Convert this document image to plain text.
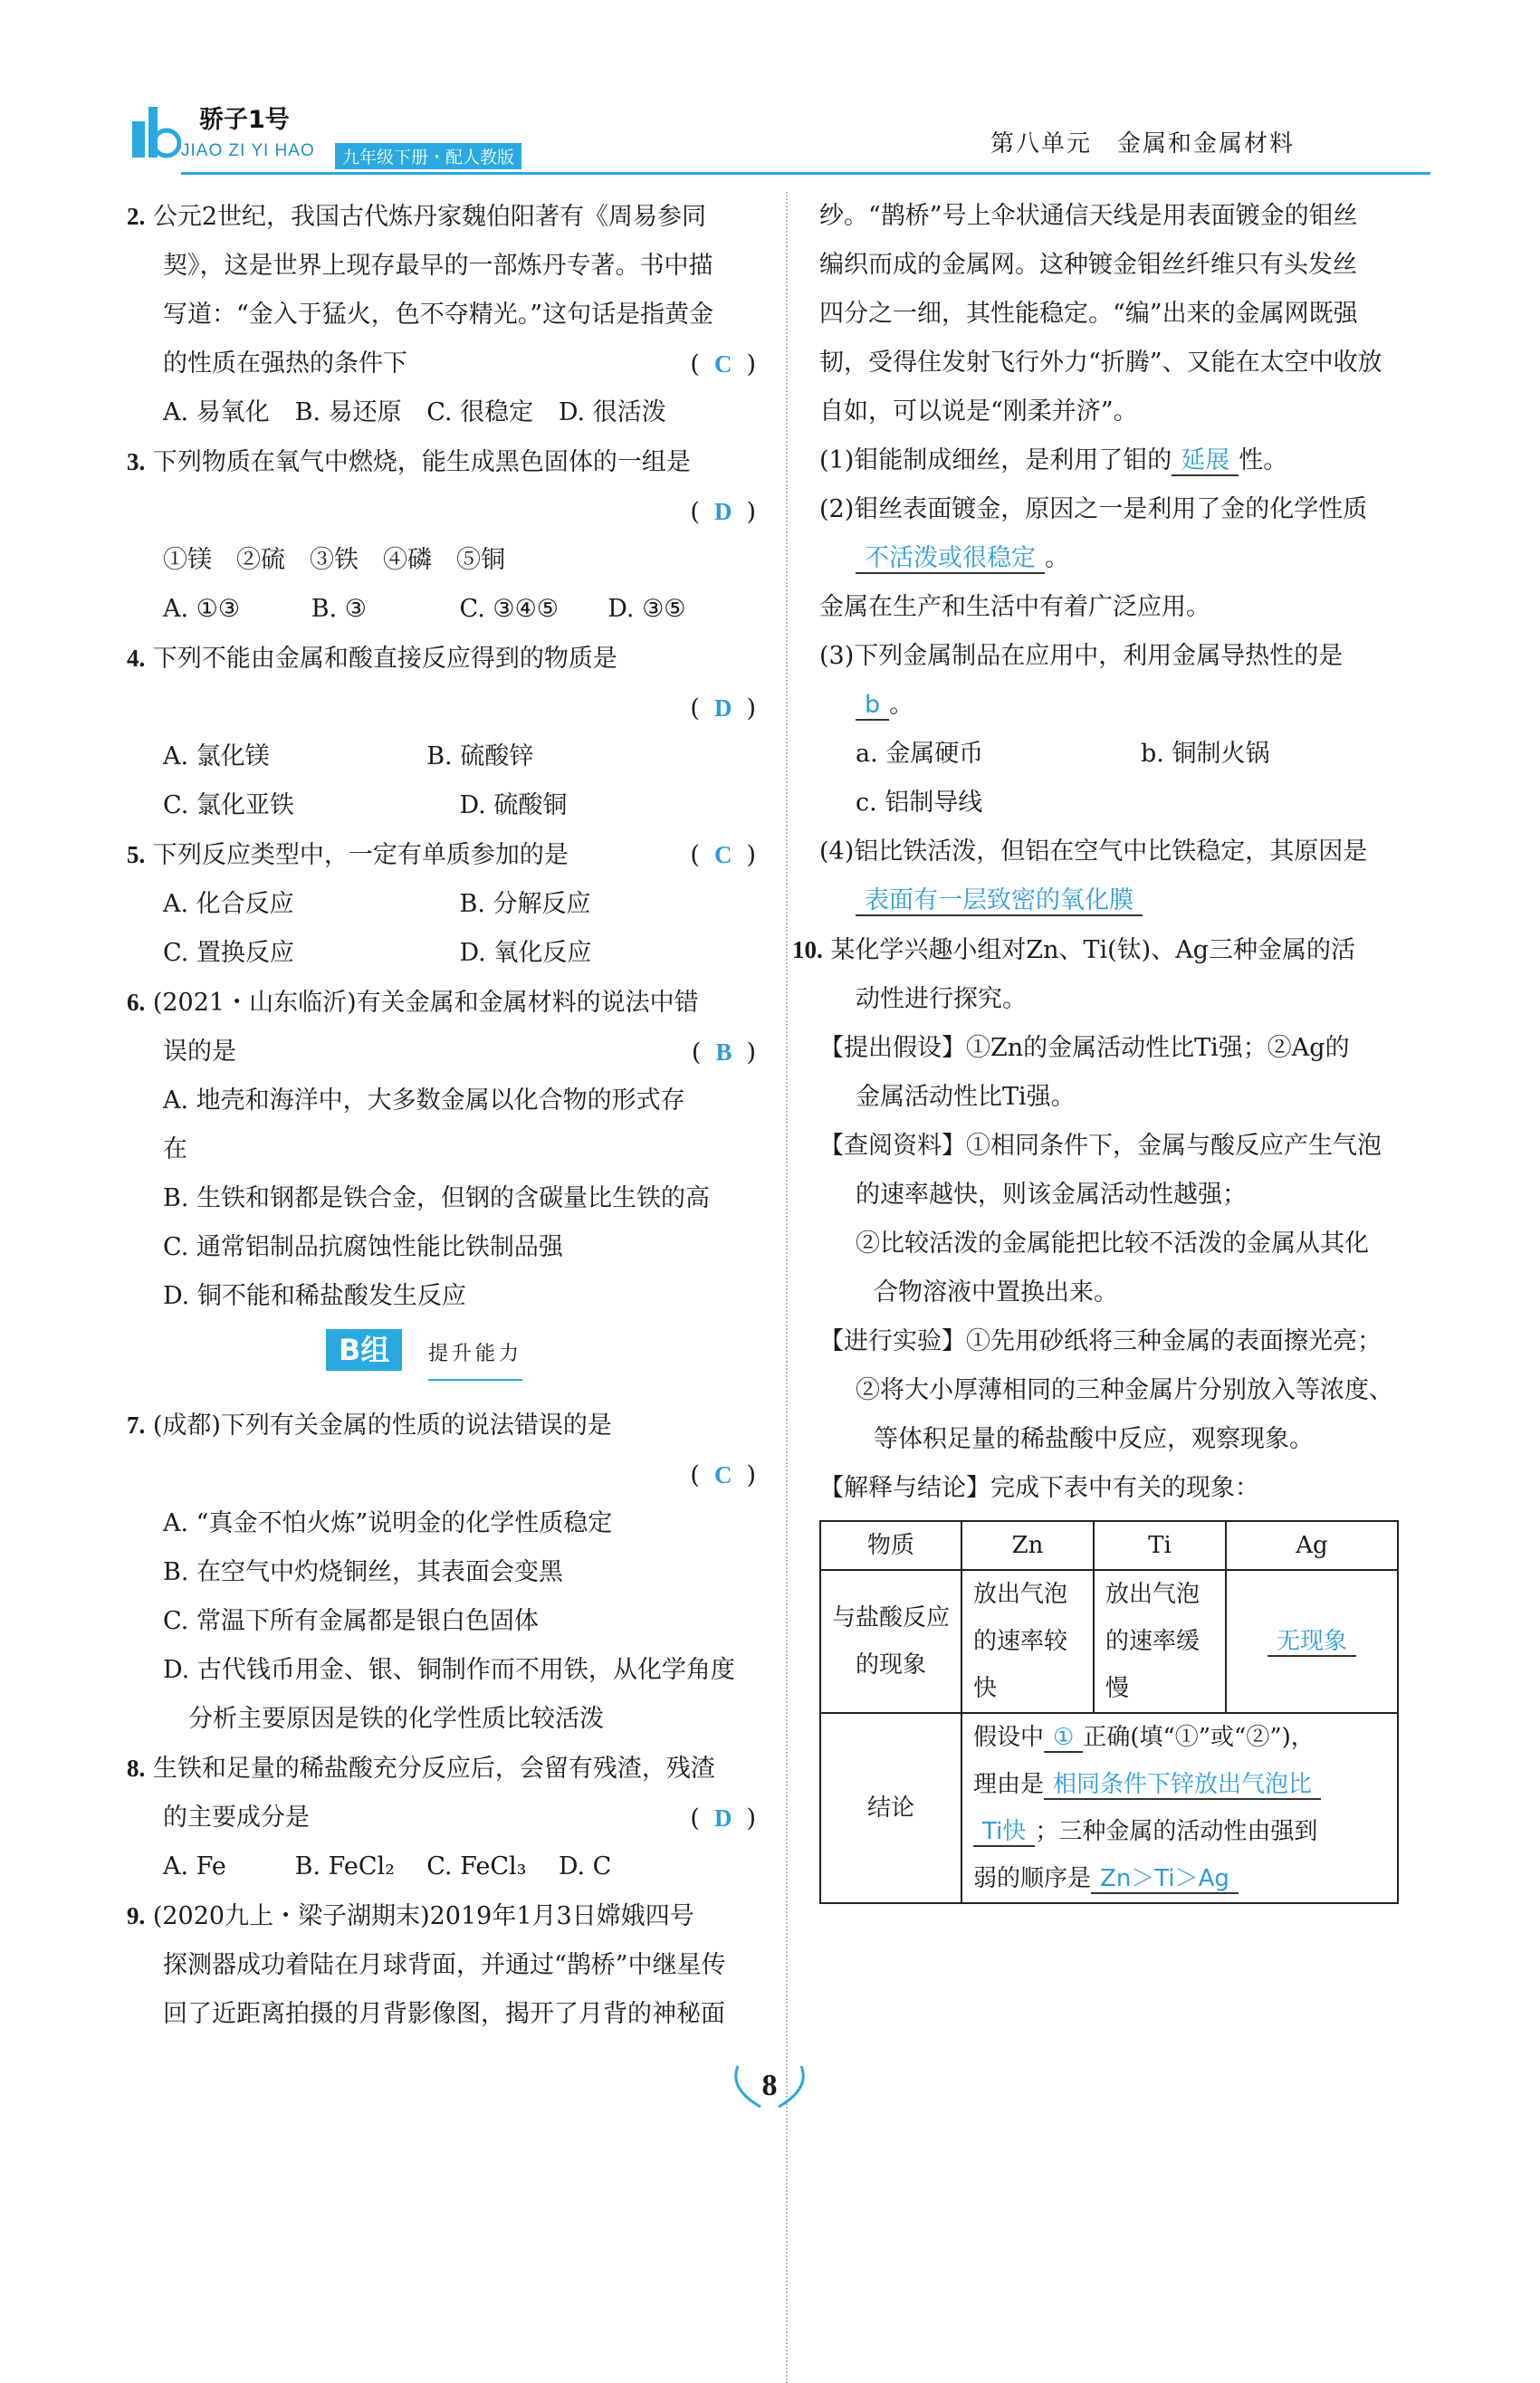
骄子1号
JIAO ZI YI HAO	九年级下册・配人教版	第八单元　金属和金属材料
2. 公元2世纪，我国古代炼丹家魏伯阳著有《周易参同
契》，这是世界上现存最早的一部炼丹专著。书中描
写道：“金入于猛火，色不夺精光。”这句话是指黄金
的性质在强热的条件下	( C )
A. 易氧化	B. 易还原	C. 很稳定	D. 很活泼
3. 下列物质在氧气中燃烧，能生成黑色固体的一组是
( D )

①镁　②硫　③铁　④磷　⑤铜
A. ①③	B. ③	C. ③④⑤	D. ③⑤
4. 下列不能由金属和酸直接反应得到的物质是
( D )

A. 氯化镁	B. 硫酸锌
C. 氯化亚铁	D. 硫酸铜
5. 下列反应类型中，一定有单质参加的是	( C )
A. 化合反应	B. 分解反应
C. 置换反应	D. 氧化反应
6. (2021・山东临沂)有关金属和金属材料的说法中错
误的是	( B )
A. 地壳和海洋中，大多数金属以化合物的形式存在
B. 生铁和钢都是铁合金，但钢的含碳量比生铁的高
C. 通常铝制品抗腐蚀性能比铁制品强
D. 铜不能和稀盐酸发生反应
B组 提升能力
7. (成都)下列有关金属的性质的说法错误的是
( C )

A. “真金不怕火炼”说明金的化学性质稳定
B. 在空气中灼烧铜丝，其表面会变黑
C. 常温下所有金属都是银白色固体
D. 古代钱币用金、银、铜制作而不用铁，从化学角度
分析主要原因是铁的化学性质比较活泼
8. 生铁和足量的稀盐酸充分反应后，会留有残渣，残渣
的主要成分是	( D )
A. Fe	B. FeCl₂	C. FeCl₃	D. C
9. (2020九上・梁子湖期末)2019年1月3日嫦娥四号
探测器成功着陆在月球背面，并通过“鹊桥”中继星传
回了近距离拍摄的月背影像图，揭开了月背的神秘面
纱。“鹊桥”号上伞状通信天线是用表面镀金的钼丝
编织而成的金属网。这种镀金钼丝纤维只有头发丝
四分之一细，其性能稳定。“编”出来的金属网既强
韧，受得住发射飞行外力“折腾”、又能在太空中收放
自如，可以说是“刚柔并济”。
(1)钼能制成细丝，是利用了钼的 延展 性。
(2)钼丝表面镀金，原因之一是利用了金的化学性质
不活泼或很稳定 。
金属在生产和生活中有着广泛应用。
(3)下列金属制品在应用中，利用金属导热性的是
b 。
a. 金属硬币	b. 铜制火锅
c. 铝制导线
(4)铝比铁活泼，但铝在空气中比铁稳定，其原因是
表面有一层致密的氧化膜
10. 某化学兴趣小组对Zn、Ti(钛)、Ag三种金属的活
动性进行探究。
【提出假设】①Zn的金属活动性比Ti强；②Ag的
金属活动性比Ti强。
【查阅资料】①相同条件下，金属与酸反应产生气泡
的速率越快，则该金属活动性越强；
②比较活泼的金属能把比较不活泼的金属从其化
合物溶液中置换出来。
【进行实验】①先用砂纸将三种金属的表面擦光亮；
②将大小厚薄相同的三种金属片分别放入等浓度、
等体积足量的稀盐酸中反应，观察现象。
【解释与结论】完成下表中有关的现象：
物质	Zn	Ti	Ag
与盐酸反应的现象	放出气泡的速率较快	放出气泡的速率缓慢	无现象
结论	假设中 ① 正确(填“①”或“②”)，
理由是 相同条件下锌放出气泡比
Ti快 ；三种金属的活动性由强到
弱的顺序是 Zn＞Ti＞Ag		
8
